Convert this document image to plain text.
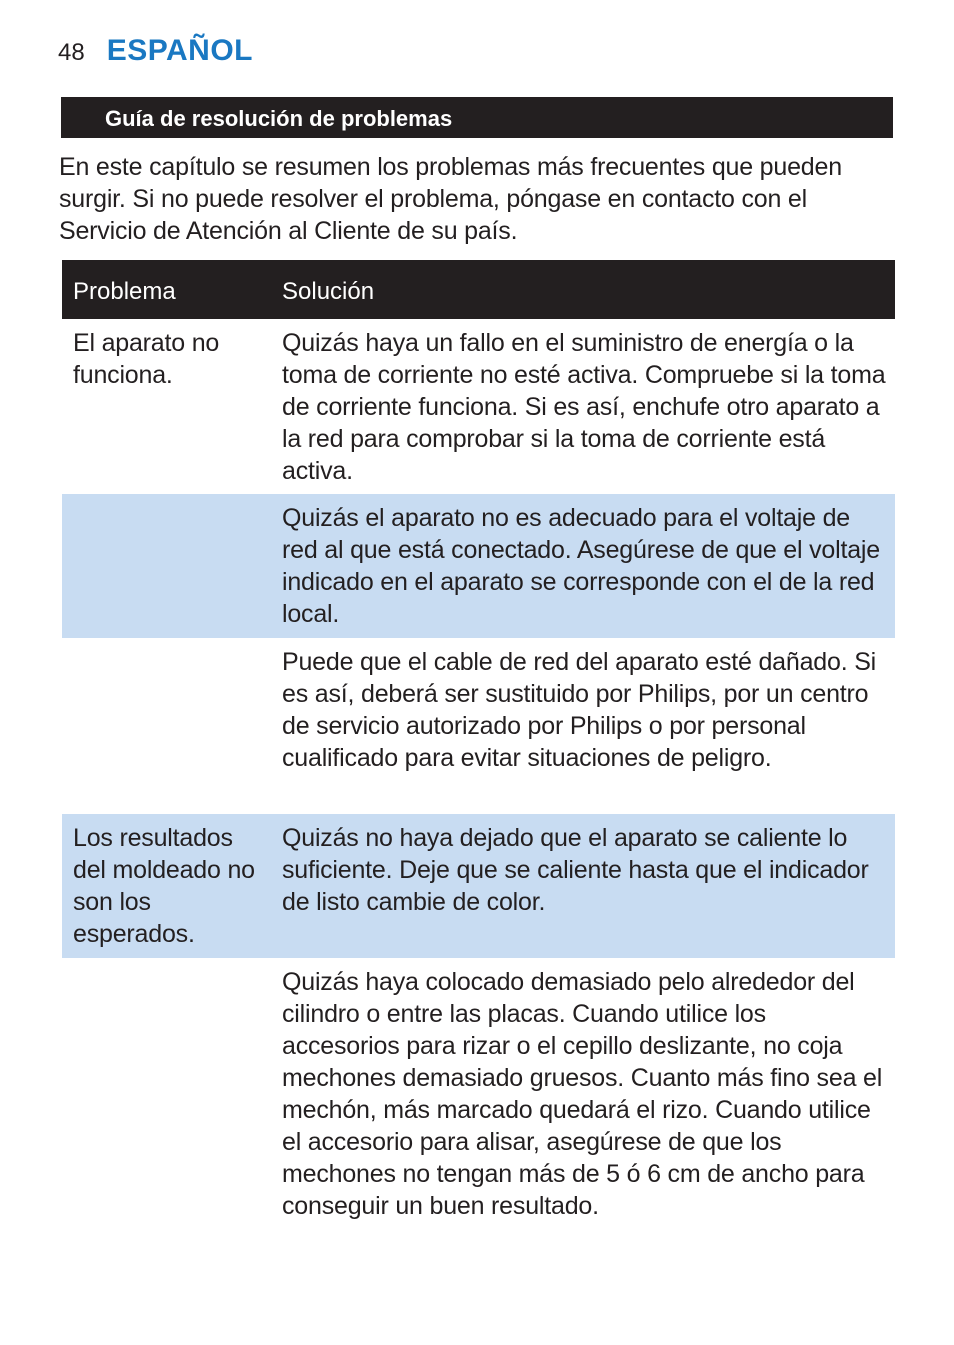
48 ESPAÑOL
Guía de resolución de problemas

En este capítulo se resumen los problemas más frecuentes que pueden surgir. Si no puede resolver el problema, póngase en contacto con el Servicio de Atención al Cliente de su país.

Problema	Solución
El aparato no funciona.
Quizás haya un fallo en el suministro de energía o la toma de corriente no esté activa. Compruebe si la toma de corriente funciona. Si es así, enchufe otro aparato a la red para comprobar si la toma de corriente está activa.
Quizás el aparato no es adecuado para el voltaje de red al que está conectado. Asegúrese de que el voltaje indicado en el aparato se corresponde con el de la red local.
Puede que el cable de red del aparato esté dañado. Si es así, deberá ser sustituido por Philips, por un centro de servicio autorizado por Philips o por personal cualificado para evitar situaciones de peligro.
Los resultados del moldeado no son los esperados.
Quizás no haya dejado que el aparato se caliente lo suficiente. Deje que se caliente hasta que el indicador de listo cambie de color.
Quizás haya colocado demasiado pelo alrededor del cilindro o entre las placas. Cuando utilice los accesorios para rizar o el cepillo deslizante, no coja mechones demasiado gruesos. Cuanto más fino sea el mechón, más marcado quedará el rizo. Cuando utilice el accesorio para alisar, asegúrese de que los mechones no tengan más de 5 ó 6 cm de ancho para conseguir un buen resultado.
